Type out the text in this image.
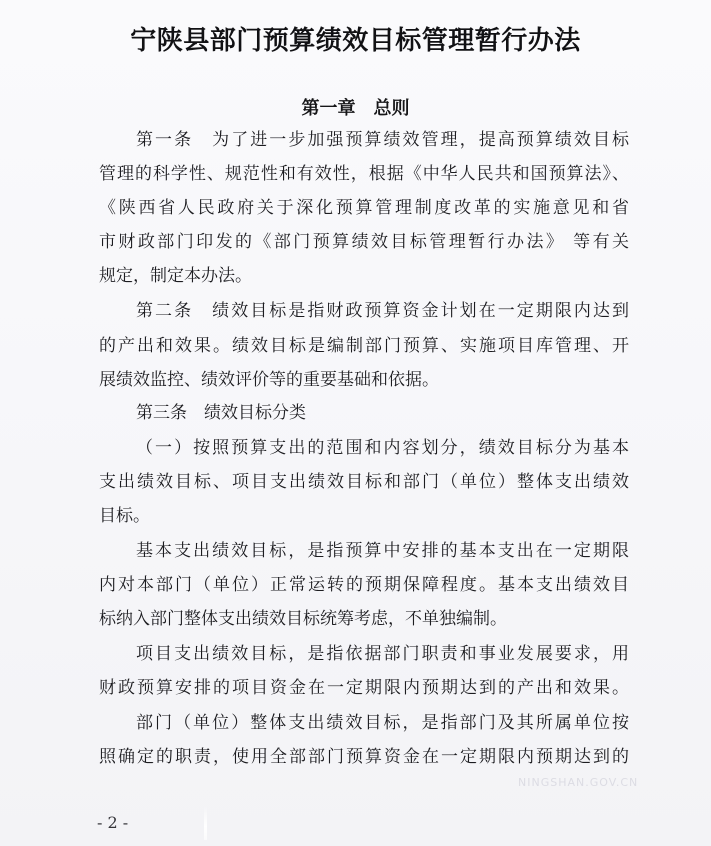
宁陕县部门预算绩效目标管理暂行办法
第一章　总则
第一条　为了进一步加强预算绩效管理，提高预算绩效目标
管理的科学性、规范性和有效性，根据《中华人民共和国预算法》、
《陕西省人民政府关于深化预算管理制度改革的实施意见和省
市财政部门印发的《部门预算绩效目标管理暂行办法》 等有关
规定，制定本办法。
第二条　绩效目标是指财政预算资金计划在一定期限内达到
的产出和效果。绩效目标是编制部门预算、实施项目库管理、开
展绩效监控、绩效评价等的重要基础和依据。
第三条　绩效目标分类
（一）按照预算支出的范围和内容划分，绩效目标分为基本
支出绩效目标、项目支出绩效目标和部门（单位）整体支出绩效
目标。
基本支出绩效目标，是指预算中安排的基本支出在一定期限
内对本部门（单位）正常运转的预期保障程度。基本支出绩效目
标纳入部门整体支出绩效目标统筹考虑，不单独编制。
项目支出绩效目标，是指依据部门职责和事业发展要求，用
财政预算安排的项目资金在一定期限内预期达到的产出和效果。
部门（单位）整体支出绩效目标，是指部门及其所属单位按
照确定的职责，使用全部部门预算资金在一定期限内预期达到的
NINGSHAN.GOV.CN
- 2 -
